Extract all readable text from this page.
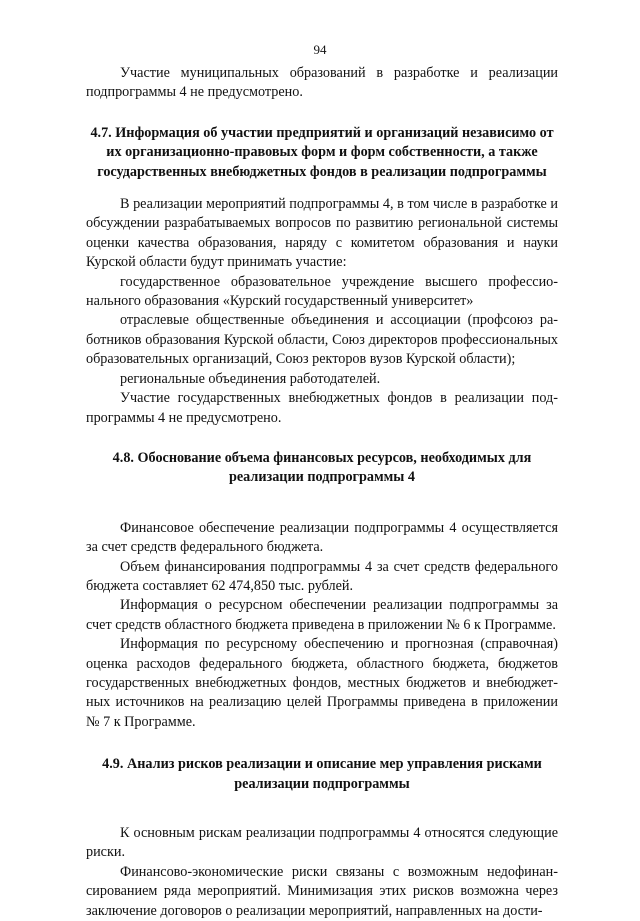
94

Участие муниципальных образований в разработке и реализации подпрограммы 4 не предусмотрено.

4.7. Информация об участии предприятий и организаций независимо от их организационно-правовых форм и форм собственности, а также государственных внебюджетных фондов в реализации подпрограммы

В реализации мероприятий подпрограммы 4, в том числе в разработке и обсуждении разрабатываемых вопросов по развитию региональной системы оценки качества образования, наряду с комитетом образования и науки Курской области будут принимать участие:

государственное образовательное учреждение высшего профессионального образования «Курский государственный университет»

отраслевые общественные объединения и ассоциации (профсоюз работников образования Курской области, Союз директоров профессиональных образовательных организаций, Союз ректоров вузов Курской области);

региональные объединения работодателей.

Участие государственных внебюджетных фондов в реализации подпрограммы 4 не предусмотрено.

4.8. Обоснование объема финансовых ресурсов, необходимых для реализации подпрограммы 4

Финансовое обеспечение реализации подпрограммы 4 осуществляется за счет средств федерального бюджета.

Объем финансирования подпрограммы 4 за счет средств федерального бюджета составляет 62 474,850 тыс. рублей.

Информация о ресурсном обеспечении реализации подпрограммы за счет средств областного бюджета приведена в приложении № 6 к Программе.

Информация по ресурсному обеспечению и прогнозная (справочная) оценка расходов федерального бюджета, областного бюджета, бюджетов государственных внебюджетных фондов, местных бюджетов и внебюджетных источников на реализацию целей Программы приведена в приложении № 7 к Программе.

4.9. Анализ рисков реализации и описание мер управления рисками реализации подпрограммы

К основным рискам реализации подпрограммы 4 относятся следующие риски.

Финансово-экономические риски связаны с возможным недофинансированием ряда мероприятий. Минимизация этих рисков возможна через заключение договоров о реализации мероприятий, направленных на дости-
